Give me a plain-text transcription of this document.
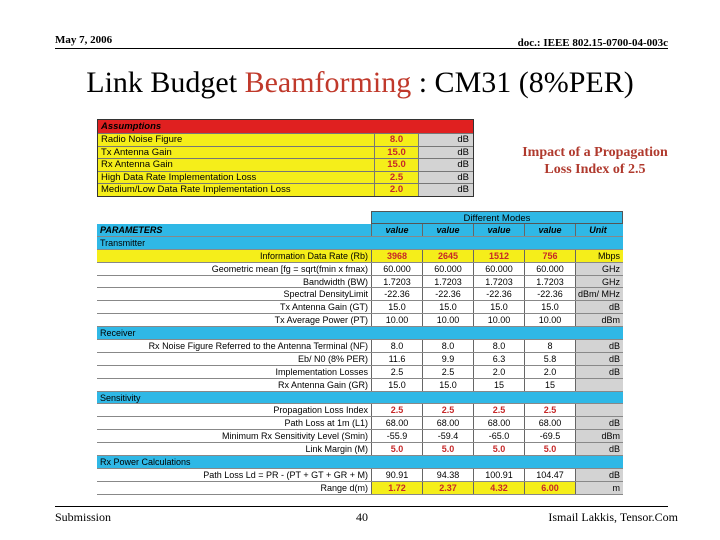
May 7, 2006	doc.: IEEE 802.15-0700-04-003c
Link Budget Beamforming : CM31 (8%PER)
Impact of a Propagation
Loss Index of 2.5
Assumptions
Radio Noise Figure	8.0	dB
Tx Antenna Gain	15.0	dB
Rx Antenna Gain	15.0	dB
High Data Rate Implementation Loss	2.5	dB
Medium/Low Data Rate Implementation Loss	2.0	dB
Different Modes
PARAMETERS	value	value	value	value	Unit
Transmitter
Information Data Rate (Rb)	3968	2645	1512	756	Mbps
Geometric mean [fg = sqrt(fmin x fmax)	60.000	60.000	60.000	60.000	GHz
Bandwidth (BW)	1.7203	1.7203	1.7203	1.7203	GHz
Spectral DensityLimit	-22.36	-22.36	-22.36	-22.36	dBm/ MHz
Tx Antenna Gain (GT)	15.0	15.0	15.0	15.0	dB
Tx Average Power (PT)	10.00	10.00	10.00	10.00	dBm
Receiver
Rx Noise Figure Referred to the Antenna Terminal (NF)	8.0	8.0	8.0	8	dB
Eb/ N0 (8% PER)	11.6	9.9	6.3	5.8	dB
Implementation Losses	2.5	2.5	2.0	2.0	dB
Rx Antenna Gain (GR)	15.0	15.0	15	15
Sensitivity
Propagation Loss Index	2.5	2.5	2.5	2.5
Path Loss at 1m (L1)	68.00	68.00	68.00	68.00	dB
Minimum Rx Sensitivity Level (Smin)	-55.9	-59.4	-65.0	-69.5	dBm
Link Margin (M)	5.0	5.0	5.0	5.0	dB
Rx Power Calculations
Path Loss Ld = PR - (PT + GT + GR + M)	90.91	94.38	100.91	104.47	dB
Range d(m)	1.72	2.37	4.32	6.00	m
Submission	40	Ismail Lakkis, Tensor.Com
